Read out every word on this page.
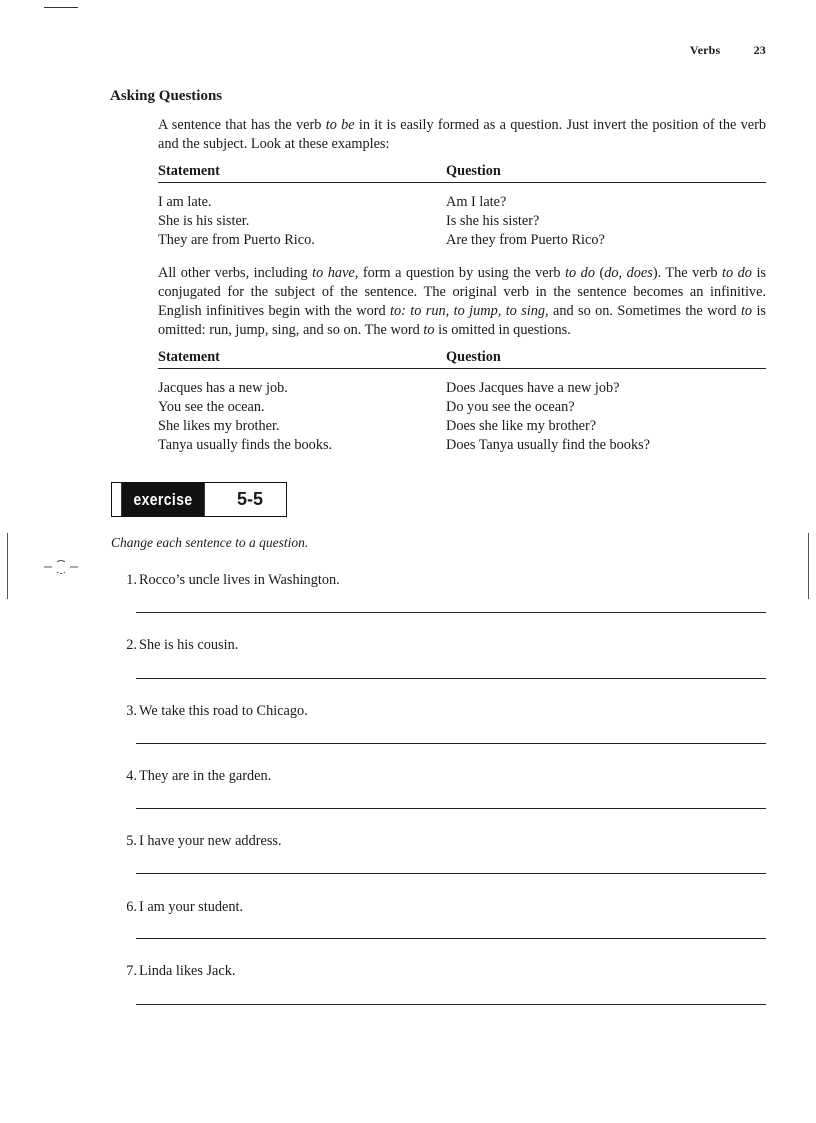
Verbs	23
Asking Questions

A sentence that has the verb to be in it is easily formed as a question. Just invert the position of the verb and the subject. Look at these examples:

Statement	Question
I am late.	Am I late?
She is his sister.	Is she his sister?
They are from Puerto Rico.	Are they from Puerto Rico?

All other verbs, including to have, form a question by using the verb to do (do, does). The verb to do is conjugated for the subject of the sentence. The original verb in the sentence becomes an infinitive. English infinitives begin with the word to: to run, to jump, to sing, and so on. Sometimes the word to is omitted: run, jump, sing, and so on. The word to is omitted in questions.

Statement	Question
Jacques has a new job.	Does Jacques have a new job?
You see the ocean.	Do you see the ocean?
She likes my brother.	Does she like my brother?
Tanya usually finds the books.	Does Tanya usually find the books?
exercise	5-5

Change each sentence to a question.

1. Rocco’s uncle lives in Washington.
2. She is his cousin.
3. We take this road to Chicago.
4. They are in the garden.
5. I have your new address.
6. I am your student.
7. Linda likes Jack.
